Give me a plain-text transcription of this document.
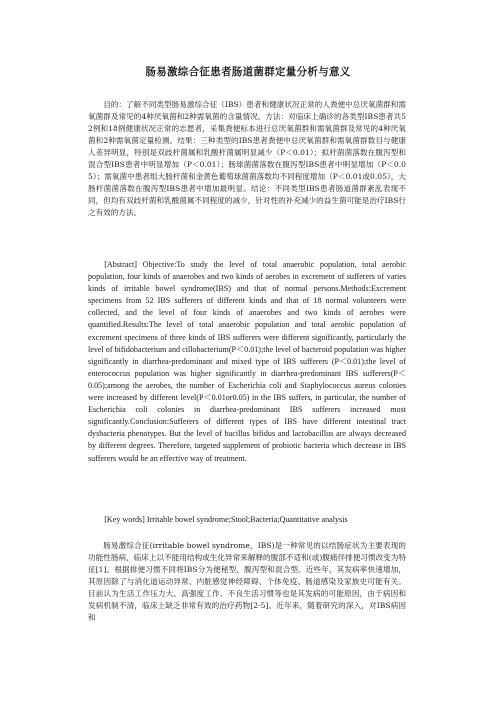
肠易激综合征患者肠道菌群定量分析与意义

目的：了解不同类型肠易激综合征（IBS）患者和健康状况正常的人粪便中总厌氧菌群和需氧菌群及常见的4种厌氧菌和2种需氧菌的含量情况。方法：对临床上确诊的各类型IBS患者共52例和18例健康状况正常的志愿者，采集粪便标本进行总厌氧菌群和需氧菌群及常见的4种厌氧菌和2种需氧菌定量检测。结果：三种类型的IBS患者粪便中总厌氧菌群和需氧菌群数目与健康人差异明显，特别是双歧杆菌属和乳酸杆菌属明显减少（P＜0.01）；拟杆菌菌落数在腹泻型和混合型IBS患者中明显增加（P＜0.01）；肠球菌菌落数在腹泻型IBS患者中明显增加（P＜0.05）；需氧菌中患者组大肠杆菌和金黄色葡萄球菌菌落数均不同程度增加（P＜0.01或0.05），大肠杆菌菌落数在腹泻型IBS患者中增加最明显。结论：不同类型IBS患者肠道菌群紊乱表现不同，但均有双歧杆菌和乳酸菌属不同程度的减少，针对性的补充减少的益生菌可能是治疗IBS行之有效的方法。

[Abstract] Objective:To study the level of total anaerobic population, total aerobic population, four kinds of anaerobes and two kinds of aerobes in excrement of sufferers of varies kinds of irritable bowel syndrome(IBS) and that of normal persons.Methods:Excrement specimens from 52 IBS sufferers of different kinds and that of 18 normal volunteers were collected, and the level of four kinds of anaerobes and two kinds of aerobes were quantified.Results:The level of total anaerobic population and total aerobic population of excrement specimens of three kinds of IBS sufferers were different significantly, particularly the level of bifidobacterium and cillobacterium(P＜0.01);the level of bacteroid population was higher significantly in diarrhea-predominant and mixed type of IBS sufferers (P＜0.01);the level of enterococcus population was higher significantly in diarrhea-predominant IBS sufferers(P＜0.05);among the aerobes, the number of Escherichia coli and Staphylococcus aureus colonies were increased by different level(P＜0.01or0.05) in the IBS suffers, in particular, the number of Escherichia coli colonies in diarrhea-predominant IBS sufferers increased most significantly.Conclusion:Sufferers of different types of IBS have different intestinal tract dysbacteria phenotypes. But the level of bacillus bifidus and lactobacillus are always decreased by different degrees. Therefore, targeted supplement of probiotic bacteria which decrease in IBS sufferers would be an effective way of treatment.

[Key words] Irritable bowel syndrome;Stool;Bacteria;Quantitative analysis

肠易激综合征(irritable bowel syndrome，IBS)是一种常见的以结肠症状为主要表现的功能性肠病，临床上以不能用结构或生化异常来解释的腹部不适和(或)腹痛伴排便习惯改变为特征[1]。根据排便习惯不同将IBS分为便秘型、腹泻型和混合型。近些年，其发病率快速增加，其原因除了与消化道运动异常、内脏感觉神经障碍、个体免疫、肠道感染及家族史可能有关。目前认为生活工作压力大、高强度工作、不良生活习惯等也是其发病的可能原因，由于病因和发病机制不清，临床上缺乏非常有效的治疗药物[2-5]。近年来，随着研究的深入，对IBS病因和
